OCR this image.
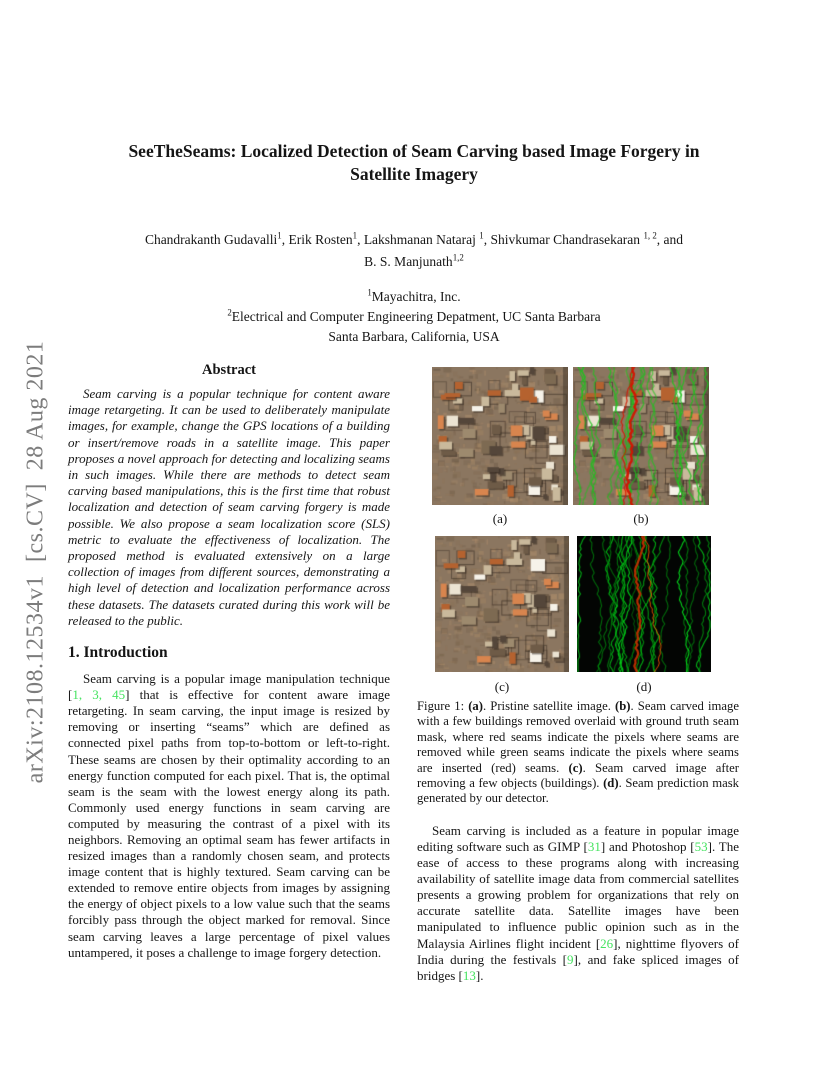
arXiv:2108.12534v1  [cs.CV]  28 Aug 2021
SeeTheSeams: Localized Detection of Seam Carving based Image Forgery in
Satellite Imagery
Chandrakanth Gudavalli$^1$, Erik Rosten$^1$, Lakshmanan Nataraj $^1$, Shivkumar Chandrasekaran $^{1, 2}$, and
B. S. Manjunath$^{1,2}$
$^1$Mayachitra, Inc.
$^2$Electrical and Computer Engineering Depatment, UC Santa Barbara
Santa Barbara, California, USA
Abstract

Seam carving is a popular technique for content aware image retargeting. It can be used to deliberately manipulate images, for example, change the GPS locations of a building or insert/remove roads in a satellite image. This paper proposes a novel approach for detecting and localizing seams in such images. While there are methods to detect seam carving based manipulations, this is the first time that robust localization and detection of seam carving forgery is made possible. We also propose a seam localization score (SLS) metric to evaluate the effectiveness of localization. The proposed method is evaluated extensively on a large collection of images from different sources, demonstrating a high level of detection and localization performance across these datasets. The datasets curated during this work will be released to the public.

1. Introduction

Seam carving is a popular image manipulation technique [1, 3, 45] that is effective for content aware image retargeting. In seam carving, the input image is resized by removing or inserting “seams” which are defined as connected pixel paths from top-to-bottom or left-to-right. These seams are chosen by their optimality according to an energy function computed for each pixel. That is, the optimal seam is the seam with the lowest energy along its path. Commonly used energy functions in seam carving are computed by measuring the contrast of a pixel with its neighbors. Removing an optimal seam has fewer artifacts in resized images than a randomly chosen seam, and protects image content that is highly textured. Seam carving can be extended to remove entire objects from images by assigning the energy of object pixels to a low value such that the seams forcibly pass through the object marked for removal. Since seam carving leaves a large percentage of pixel values untampered, it poses a challenge to image forgery detection.

(a)	(b)
(c)	(d)

Figure 1: (a). Pristine satellite image. (b). Seam carved image with a few buildings removed overlaid with ground truth seam mask, where red seams indicate the pixels where seams are removed while green seams indicate the pixels where seams are inserted (red) seams. (c). Seam carved image after removing a few objects (buildings). (d). Seam prediction mask generated by our detector.

Seam carving is included as a feature in popular image editing software such as GIMP [31] and Photoshop [53]. The ease of access to these programs along with increasing availability of satellite image data from commercial satellites presents a growing problem for organizations that rely on accurate satellite data. Satellite images have been manipulated to influence public opinion such as in the Malaysia Airlines flight incident [26], nighttime flyovers of India during the festivals [9], and fake spliced images of bridges [13].
